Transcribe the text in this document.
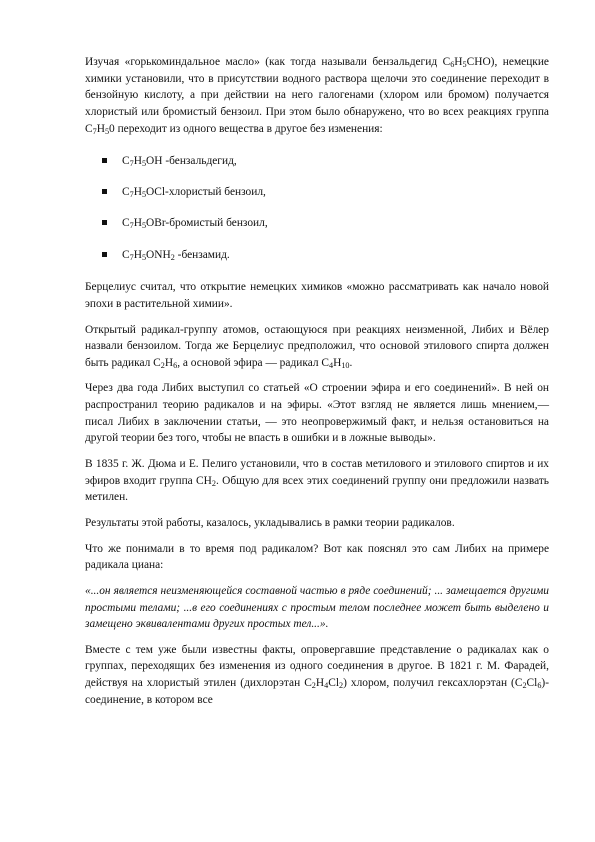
Изучая «горькоминдальное масло» (как тогда называли бензальдегид $C_6H_5CHO$), немецкие химики установили, что в присутствии водного раствора щелочи это соединение переходит в бензойную кислоту, а при действии на него галогенами (хлором или бромом) получается хлористый или бромистый бензоил. При этом было обнаружено, что во всех реакциях группа $C_7H_50$ переходит из одного вещества в другое без изменения:

$C_7H_5OH$ -бензальдегид,
$C_7H_5OCl$-хлористый бензоил,
$C_7H_5OBr$-бромистый бензоил,
$C_7H_5ONH_2$ -бензамид.

Берцелиус считал, что открытие немецких химиков «можно рассматривать как начало новой эпохи в растительной химии».

Открытый радикал-группу атомов, остающуюся при реакциях неизменной, Либих и Вёлер назвали бензоилом. Тогда же Берцелиус предположил, что основой этилового спирта должен быть радикал $C_2H_6$, а основой эфира — радикал $C_4H_{10}$.

Через два года Либих выступил со статьей «О строении эфира и его соединений». В ней он распространил теорию радикалов и на эфиры. «Этот взгляд не является лишь мнением,— писал Либих в заключении статьи, — это неопровержимый факт, и нельзя остановиться на другой теории без того, чтобы не впасть в ошибки и в ложные выводы».

В 1835 г. Ж. Дюма и Е. Пелиго установили, что в состав метилового и этилового спиртов и их эфиров входит группа $CH_2$. Общую для всех этих соединений группу они предложили назвать метилен.

Результаты этой работы, казалось, укладывались в рамки теории радикалов.

Что же понимали в то время под радикалом? Вот как пояснял это сам Либих на примере радикала циана:

«...он является неизменяющейся составной частью в ряде соединений; ... замещается другими простыми телами; ...в его соединениях с простым телом последнее может быть выделено и замещено эквивалентами других простых тел...».

Вместе с тем уже были известны факты, опровергавшие представление о радикалах как о группах, переходящих без изменения из одного соединения в другое. В 1821 г. М. Фарадей, действуя на хлористый этилен (дихлорэтан $C_2H_4Cl_2$) хлором, получил гексахлорэтан $(C_2Cl_6)$-соединение, в котором все
